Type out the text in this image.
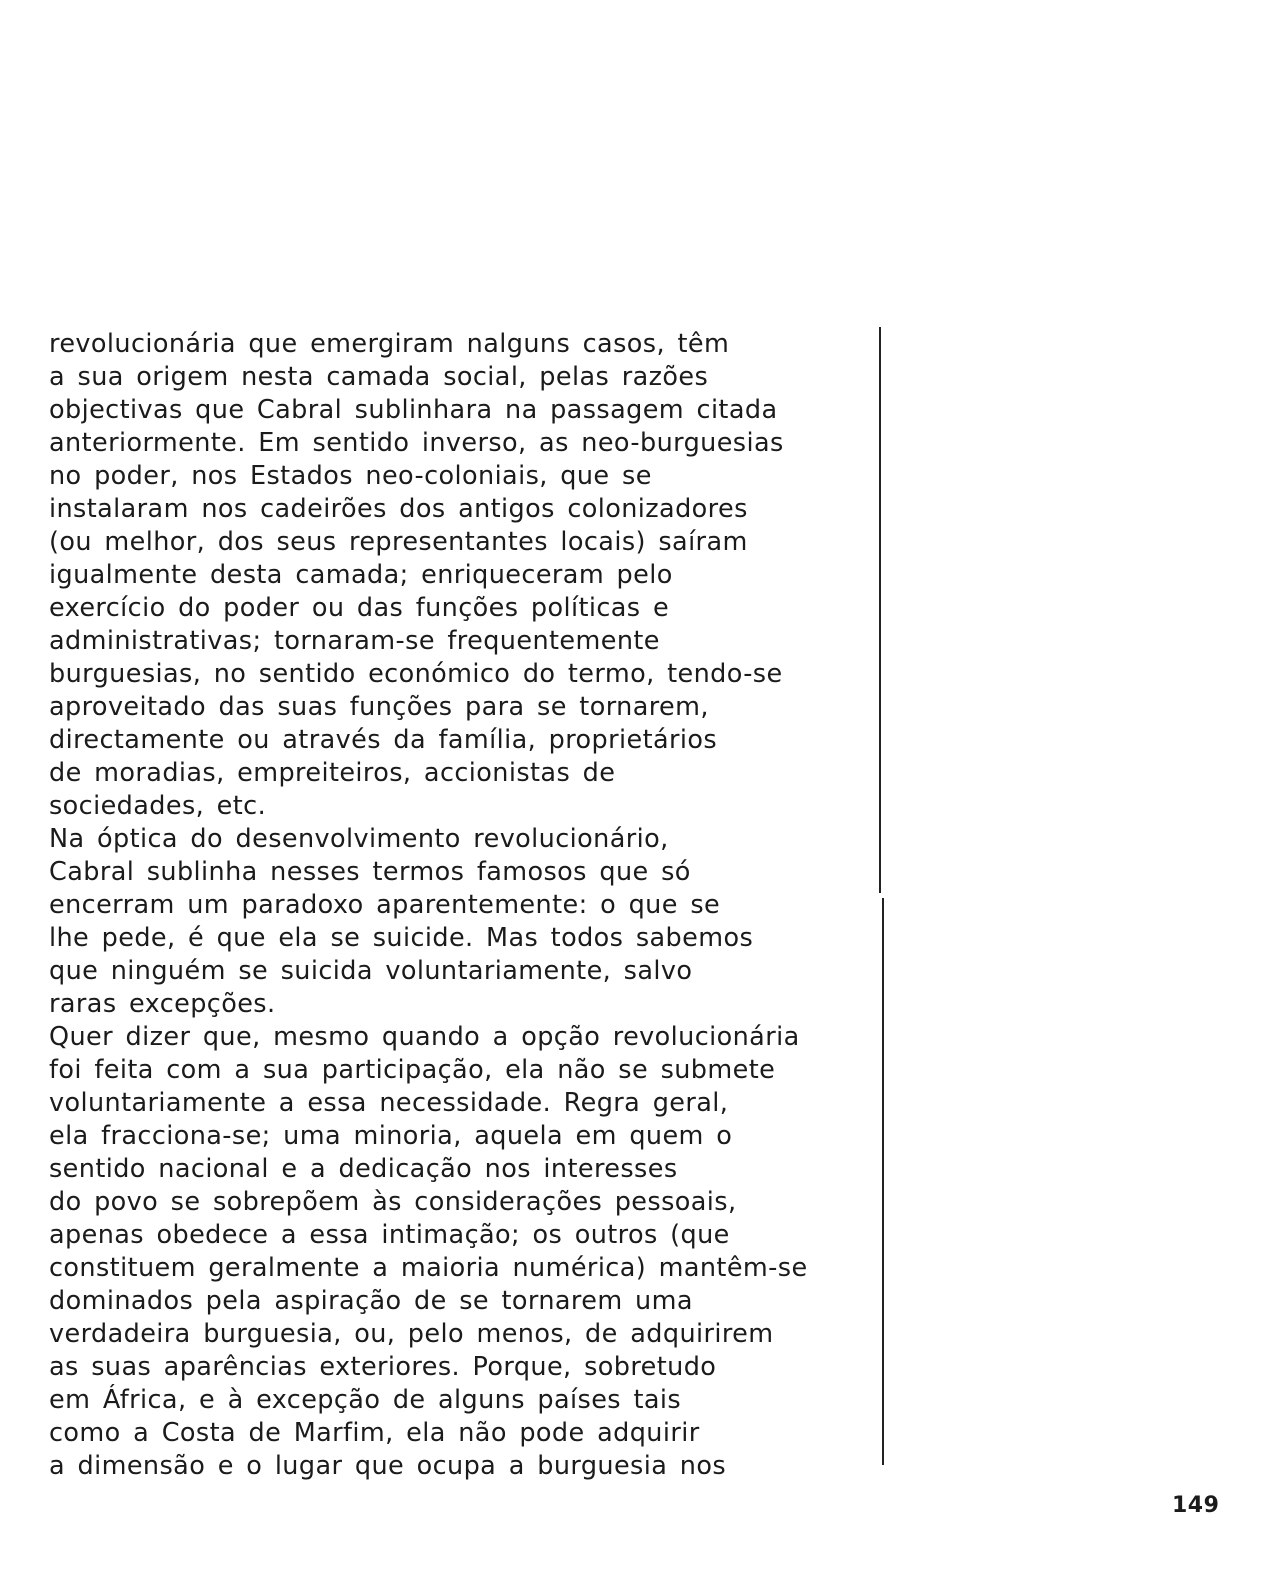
revolucionária que emergiram nalguns casos, têm
a sua origem nesta camada social, pelas razões
objectivas que Cabral sublinhara na passagem citada
anteriormente. Em sentido inverso, as neo-burguesias
no poder, nos Estados neo-coloniais, que se
instalaram nos cadeirões dos antigos colonizadores
(ou melhor, dos seus representantes locais) saíram
igualmente desta camada; enriqueceram pelo
exercício do poder ou das funções políticas e
administrativas; tornaram-se frequentemente
burguesias, no sentido económico do termo, tendo-se
aproveitado das suas funções para se tornarem,
directamente ou através da família, proprietários
de moradias, empreiteiros, accionistas de
sociedades, etc.
Na óptica do desenvolvimento revolucionário,
Cabral sublinha nesses termos famosos que só
encerram um paradoxo aparentemente: o que se
lhe pede, é que ela se suicide. Mas todos sabemos
que ninguém se suicida voluntariamente, salvo
raras excepções.
Quer dizer que, mesmo quando a opção revolucionária
foi feita com a sua participação, ela não se submete
voluntariamente a essa necessidade. Regra geral,
ela fracciona-se; uma minoria, aquela em quem o
sentido nacional e a dedicação nos interesses
do povo se sobrepõem às considerações pessoais,
apenas obedece a essa intimação; os outros (que
constituem geralmente a maioria numérica) mantêm-se
dominados pela aspiração de se tornarem uma
verdadeira burguesia, ou, pelo menos, de adquirirem
as suas aparências exteriores. Porque, sobretudo
em África, e à excepção de alguns países tais
como a Costa de Marfim, ela não pode adquirir
a dimensão e o lugar que ocupa a burguesia nos
149
